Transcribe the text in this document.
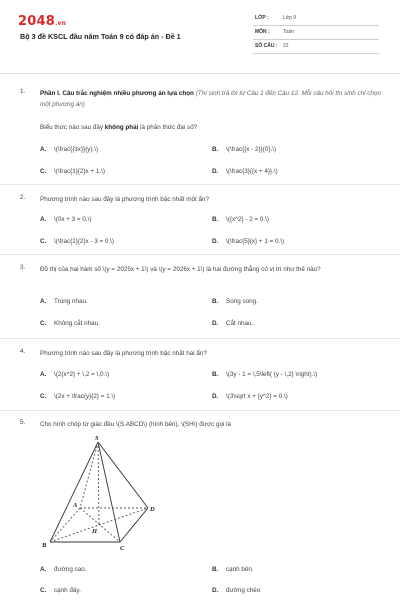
2048.vn
Bộ 3 đề KSCL đầu năm Toán 9 có đáp án - Đề 1
LỚP :	Lớp 9
MÔN :	Toán
SỐ CÂU : 22
1. Phần I. Câu trắc nghiệm nhiều phương án lựa chọn (Thí sinh trả lời từ Câu 1 đến Câu 12. Mỗi câu hỏi thí sinh chỉ chọn một phương án)
Biểu thức nào sau đây không phải là phân thức đại số?
A. \(\frac{{3x}}{y}.\)	B. \(\frac{{x - 2}}{0}.\)
C. \(\frac{1}{2}x + 1.\)	D. \(\frac{3}{{x + 4}}.\)
2. Phương trình nào sau đây là phương trình bậc nhất một ẩn?
A. \(0x + 3 = 0.\)	B. \({x^2} - 2 = 0.\)
C. \(\frac{1}{2}x - 3 = 0.\)	D. \(\frac{5}{x} + 1 = 0.\)
3. Đồ thị của hai hàm số \(y = 2025x + 1\) và \(y = 2026x + 1\) là hai đường thẳng có vị trí như thế nào?
A. Trùng nhau.	B. Song song.
C. Không cắt nhau.	D. Cắt nhau.
4. Phương trình nào sau đây là phương trình bậc nhất hai ẩn?
A. \(2{x^2} + \,2 = \,0.\)	B. \(3y - 1 = \,5\left( {y - \,2} \right).\)
C. \(2x + \frac{y}{2} = 1.\)	D. \(3\sqrt x + {y^2} = 0.\)
5. Cho hình chóp tứ giác đều \(S.ABCD\) (hình bên), \(SH\) được gọi là
S
A
B	C
D
H
A. đường cao.	B. cạnh bên.
C. cạnh đáy.	D. đường chéo
